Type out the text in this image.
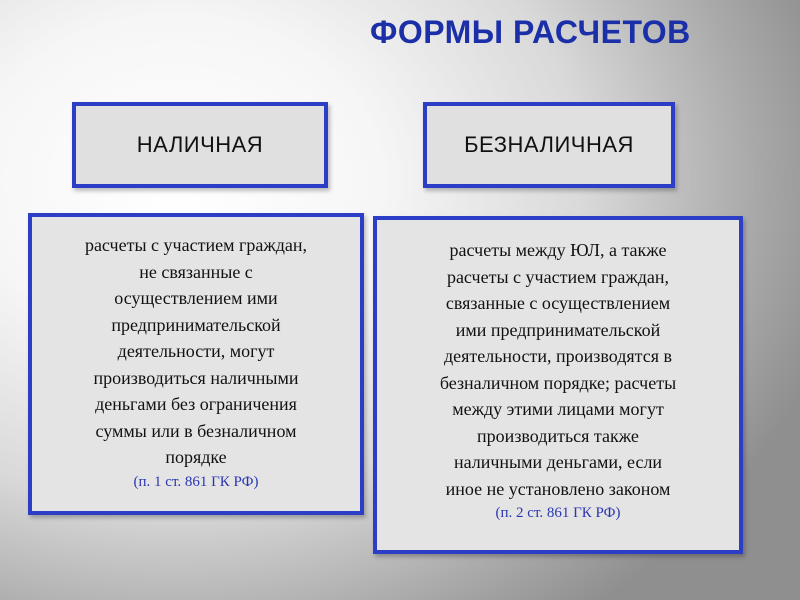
ФОРМЫ РАСЧЕТОВ
НАЛИЧНАЯ	БЕЗНАЛИЧНАЯ
расчеты с участием граждан,
не связанные с
осуществлением ими
предпринимательской
деятельности, могут
производиться наличными
деньгами без ограничения
суммы или в безналичном
порядке
(п. 1 ст. 861 ГК РФ)
расчеты между ЮЛ, а также
расчеты с участием граждан,
связанные с осуществлением
ими предпринимательской
деятельности, производятся в
безналичном порядке; расчеты
между этими лицами могут
производиться также
наличными деньгами, если
иное не установлено законом
(п. 2 ст. 861 ГК РФ)
